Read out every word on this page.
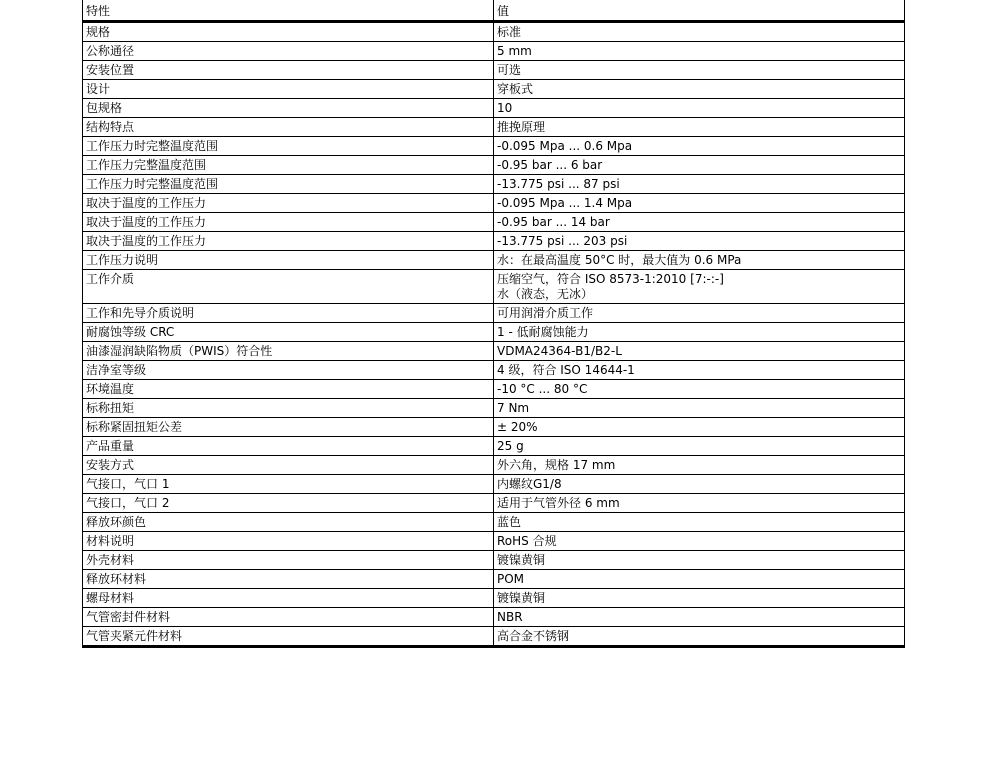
特性	值
规格	标准

公称通径	5 mm

安装位置	可选

设计	穿板式

包规格	10

结构特点	推挽原理

工作压力时完整温度范围	-0.095 Mpa ... 0.6 Mpa

工作压力完整温度范围	-0.95 bar ... 6 bar

工作压力时完整温度范围	-13.775 psi ... 87 psi

取决于温度的工作压力	-0.095 Mpa ... 1.4 Mpa

取决于温度的工作压力	-0.95 bar ... 14 bar

取决于温度的工作压力	-13.775 psi ... 203 psi

工作压力说明	水：在最高温度 50°C 时，最大值为 0.6 MPa

工作介质	压缩空气，符合 ISO 8573-1:2010 [7:-:-]
水（液态，无冰）

工作和先导介质说明	可用润滑介质工作

耐腐蚀等级 CRC	1 - 低耐腐蚀能力

油漆湿润缺陷物质（PWIS）符合性	VDMA24364-B1/B2-L

洁净室等级	4 级，符合 ISO 14644-1

环境温度	-10 °C ... 80 °C

标称扭矩	7 Nm

标称紧固扭矩公差	± 20%

产品重量	25 g

安装方式	外六角，规格 17 mm

气接口，气口 1	内螺纹G1/8

气接口，气口 2	适用于气管外径 6 mm

释放环颜色	蓝色

材料说明	RoHS 合规

外壳材料	镀镍黄铜

释放环材料	POM

螺母材料	镀镍黄铜

气管密封件材料	NBR

气管夹紧元件材料	高合金不锈钢
